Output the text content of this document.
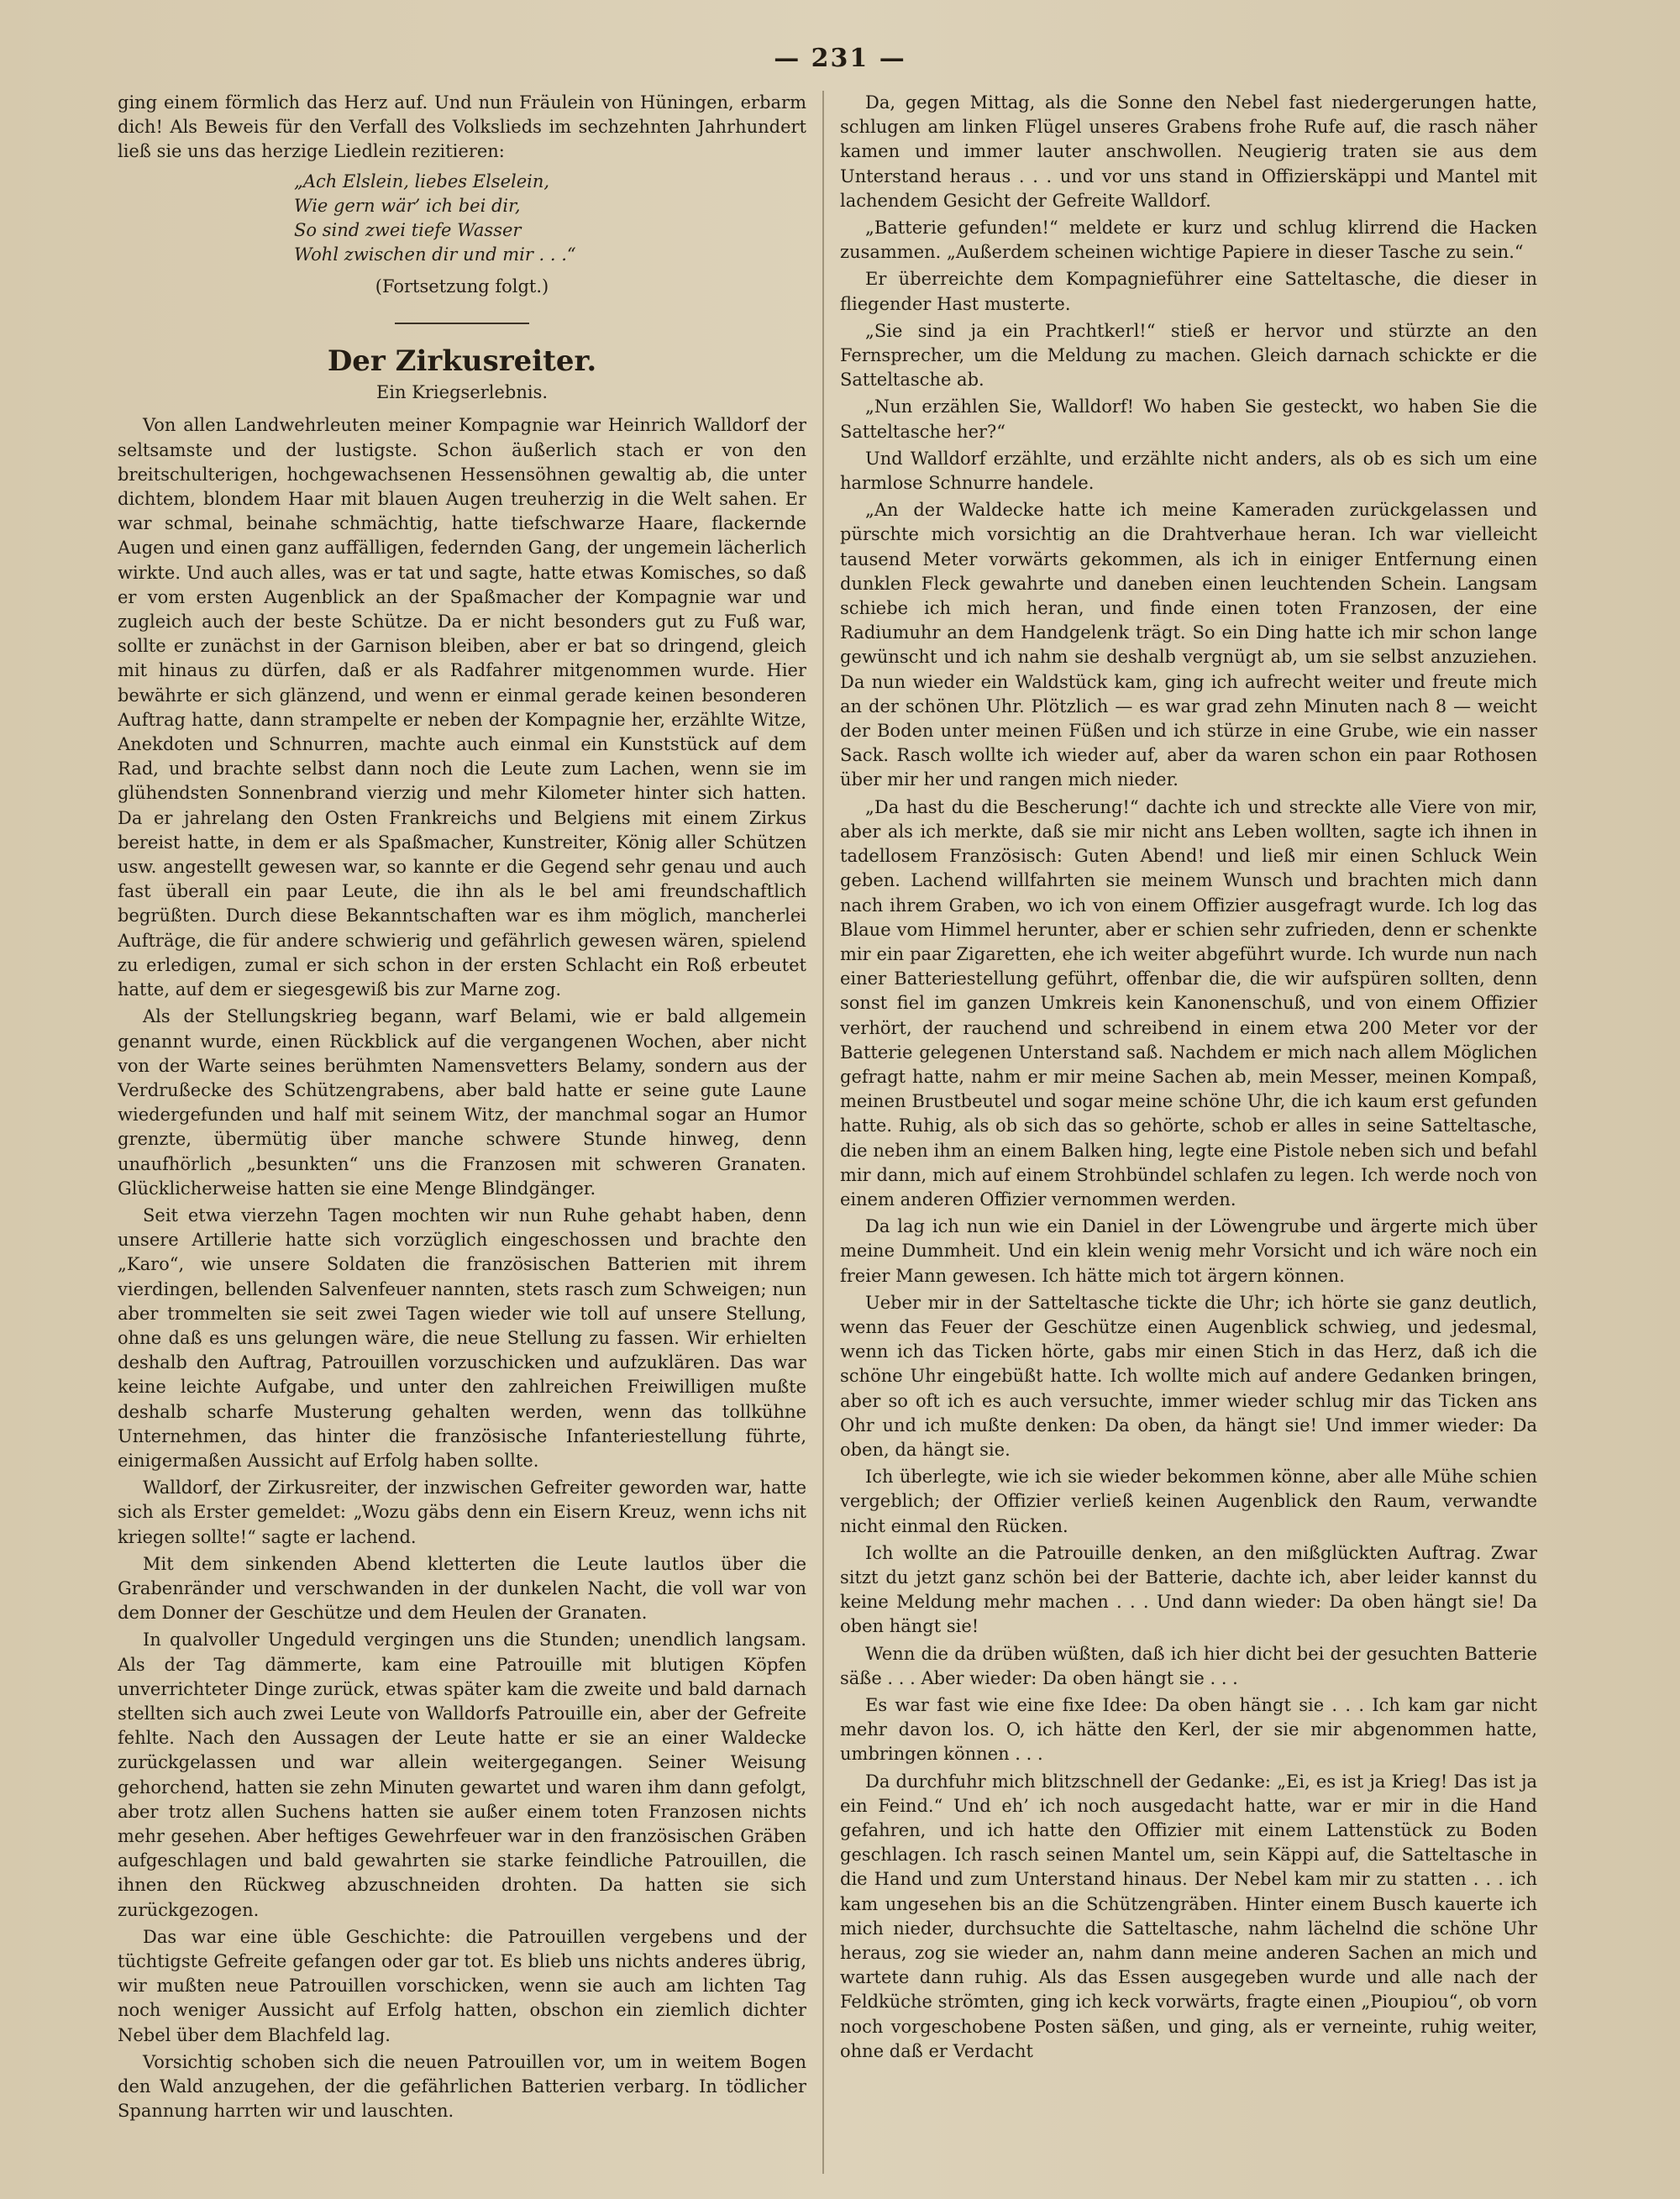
— 231 —

ging einem förmlich das Herz auf. Und nun Fräulein von Hüningen, erbarm dich! Als Beweis für den Verfall des Volkslieds im sechzehnten Jahrhundert ließ sie uns das herzige Liedlein rezitieren:

„Ach Elslein, liebes Elselein,
Wie gern wär’ ich bei dir,
So sind zwei tiefe Wasser
Wohl zwischen dir und mir . . .“
(Fortsetzung folgt.)
Der Zirkusreiter.
Ein Kriegserlebnis.

Von allen Landwehrleuten meiner Kompagnie war Heinrich Walldorf der seltsamste und der lustigste. Schon äußerlich stach er von den breitschulterigen, hochgewachsenen Hessensöhnen gewaltig ab, die unter dichtem, blondem Haar mit blauen Augen treuherzig in die Welt sahen. Er war schmal, beinahe schmächtig, hatte tiefschwarze Haare, flackernde Augen und einen ganz auffälligen, federnden Gang, der ungemein lächerlich wirkte. Und auch alles, was er tat und sagte, hatte etwas Komisches, so daß er vom ersten Augenblick an der Spaßmacher der Kompagnie war und zugleich auch der beste Schütze. Da er nicht besonders gut zu Fuß war, sollte er zunächst in der Garnison bleiben, aber er bat so dringend, gleich mit hinaus zu dürfen, daß er als Radfahrer mitgenommen wurde. Hier bewährte er sich glänzend, und wenn er einmal gerade keinen besonderen Auftrag hatte, dann strampelte er neben der Kompagnie her, erzählte Witze, Anekdoten und Schnurren, machte auch einmal ein Kunststück auf dem Rad, und brachte selbst dann noch die Leute zum Lachen, wenn sie im glühendsten Sonnenbrand vierzig und mehr Kilometer hinter sich hatten. Da er jahrelang den Osten Frankreichs und Belgiens mit einem Zirkus bereist hatte, in dem er als Spaßmacher, Kunstreiter, König aller Schützen usw. angestellt gewesen war, so kannte er die Gegend sehr genau und auch fast überall ein paar Leute, die ihn als le bel ami freundschaftlich begrüßten. Durch diese Bekanntschaften war es ihm möglich, mancherlei Aufträge, die für andere schwierig und gefährlich gewesen wären, spielend zu erledigen, zumal er sich schon in der ersten Schlacht ein Roß erbeutet hatte, auf dem er siegesgewiß bis zur Marne zog.

Als der Stellungskrieg begann, warf Belami, wie er bald allgemein genannt wurde, einen Rückblick auf die vergangenen Wochen, aber nicht von der Warte seines berühmten Namensvetters Belamy, sondern aus der Verdrußecke des Schützengrabens, aber bald hatte er seine gute Laune wiedergefunden und half mit seinem Witz, der manchmal sogar an Humor grenzte, übermütig über manche schwere Stunde hinweg, denn unaufhörlich „besunkten“ uns die Franzosen mit schweren Granaten. Glücklicherweise hatten sie eine Menge Blindgänger.

Seit etwa vierzehn Tagen mochten wir nun Ruhe gehabt haben, denn unsere Artillerie hatte sich vorzüglich eingeschossen und brachte den „Karo“, wie unsere Soldaten die französischen Batterien mit ihrem vierdingen, bellenden Salvenfeuer nannten, stets rasch zum Schweigen; nun aber trommelten sie seit zwei Tagen wieder wie toll auf unsere Stellung, ohne daß es uns gelungen wäre, die neue Stellung zu fassen. Wir erhielten deshalb den Auftrag, Patrouillen vorzuschicken und aufzuklären. Das war keine leichte Aufgabe, und unter den zahlreichen Freiwilligen mußte deshalb scharfe Musterung gehalten werden, wenn das tollkühne Unternehmen, das hinter die französische Infanteriestellung führte, einigermaßen Aussicht auf Erfolg haben sollte.

Walldorf, der Zirkusreiter, der inzwischen Gefreiter geworden war, hatte sich als Erster gemeldet: „Wozu gäbs denn ein Eisern Kreuz, wenn ichs nit kriegen sollte!“ sagte er lachend.

Mit dem sinkenden Abend kletterten die Leute lautlos über die Grabenränder und verschwanden in der dunkelen Nacht, die voll war von dem Donner der Geschütze und dem Heulen der Granaten.

In qualvoller Ungeduld vergingen uns die Stunden; unendlich langsam. Als der Tag dämmerte, kam eine Patrouille mit blutigen Köpfen unverrichteter Dinge zurück, etwas später kam die zweite und bald darnach stellten sich auch zwei Leute von Walldorfs Patrouille ein, aber der Gefreite fehlte. Nach den Aussagen der Leute hatte er sie an einer Waldecke zurückgelassen und war allein weitergegangen. Seiner Weisung gehorchend, hatten sie zehn Minuten gewartet und waren ihm dann gefolgt, aber trotz allen Suchens hatten sie außer einem toten Franzosen nichts mehr gesehen. Aber heftiges Gewehrfeuer war in den französischen Gräben aufgeschlagen und bald gewahrten sie starke feindliche Patrouillen, die ihnen den Rückweg abzuschneiden drohten. Da hatten sie sich zurückgezogen.

Das war eine üble Geschichte: die Patrouillen vergebens und der tüchtigste Gefreite gefangen oder gar tot. Es blieb uns nichts anderes übrig, wir mußten neue Patrouillen vorschicken, wenn sie auch am lichten Tag noch weniger Aussicht auf Erfolg hatten, obschon ein ziemlich dichter Nebel über dem Blachfeld lag.

Vorsichtig schoben sich die neuen Patrouillen vor, um in weitem Bogen den Wald anzugehen, der die gefährlichen Batterien verbarg. In tödlicher Spannung harrten wir und lauschten.

Da, gegen Mittag, als die Sonne den Nebel fast niedergerungen hatte, schlugen am linken Flügel unseres Grabens frohe Rufe auf, die rasch näher kamen und immer lauter anschwollen. Neugierig traten sie aus dem Unterstand heraus . . . und vor uns stand in Offizierskäppi und Mantel mit lachendem Gesicht der Gefreite Walldorf.

„Batterie gefunden!“ meldete er kurz und schlug klirrend die Hacken zusammen. „Außerdem scheinen wichtige Papiere in dieser Tasche zu sein.“

Er überreichte dem Kompagnieführer eine Satteltasche, die dieser in fliegender Hast musterte.

„Sie sind ja ein Prachtkerl!“ stieß er hervor und stürzte an den Fernsprecher, um die Meldung zu machen. Gleich darnach schickte er die Satteltasche ab.

„Nun erzählen Sie, Walldorf! Wo haben Sie gesteckt, wo haben Sie die Satteltasche her?“

Und Walldorf erzählte, und erzählte nicht anders, als ob es sich um eine harmlose Schnurre handele.

„An der Waldecke hatte ich meine Kameraden zurückgelassen und pürschte mich vorsichtig an die Drahtverhaue heran. Ich war vielleicht tausend Meter vorwärts gekommen, als ich in einiger Entfernung einen dunklen Fleck gewahrte und daneben einen leuchtenden Schein. Langsam schiebe ich mich heran, und finde einen toten Franzosen, der eine Radiumuhr an dem Handgelenk trägt. So ein Ding hatte ich mir schon lange gewünscht und ich nahm sie deshalb vergnügt ab, um sie selbst anzuziehen. Da nun wieder ein Waldstück kam, ging ich aufrecht weiter und freute mich an der schönen Uhr. Plötzlich — es war grad zehn Minuten nach 8 — weicht der Boden unter meinen Füßen und ich stürze in eine Grube, wie ein nasser Sack. Rasch wollte ich wieder auf, aber da waren schon ein paar Rothosen über mir her und rangen mich nieder.

„Da hast du die Bescherung!“ dachte ich und streckte alle Viere von mir, aber als ich merkte, daß sie mir nicht ans Leben wollten, sagte ich ihnen in tadellosem Französisch: Guten Abend! und ließ mir einen Schluck Wein geben. Lachend willfahrten sie meinem Wunsch und brachten mich dann nach ihrem Graben, wo ich von einem Offizier ausgefragt wurde. Ich log das Blaue vom Himmel herunter, aber er schien sehr zufrieden, denn er schenkte mir ein paar Zigaretten, ehe ich weiter abgeführt wurde. Ich wurde nun nach einer Batteriestellung geführt, offenbar die, die wir aufspüren sollten, denn sonst fiel im ganzen Umkreis kein Kanonenschuß, und von einem Offizier verhört, der rauchend und schreibend in einem etwa 200 Meter vor der Batterie gelegenen Unterstand saß. Nachdem er mich nach allem Möglichen gefragt hatte, nahm er mir meine Sachen ab, mein Messer, meinen Kompaß, meinen Brustbeutel und sogar meine schöne Uhr, die ich kaum erst gefunden hatte. Ruhig, als ob sich das so gehörte, schob er alles in seine Satteltasche, die neben ihm an einem Balken hing, legte eine Pistole neben sich und befahl mir dann, mich auf einem Strohbündel schlafen zu legen. Ich werde noch von einem anderen Offizier vernommen werden.

Da lag ich nun wie ein Daniel in der Löwengrube und ärgerte mich über meine Dummheit. Und ein klein wenig mehr Vorsicht und ich wäre noch ein freier Mann gewesen. Ich hätte mich tot ärgern können.

Ueber mir in der Satteltasche tickte die Uhr; ich hörte sie ganz deutlich, wenn das Feuer der Geschütze einen Augenblick schwieg, und jedesmal, wenn ich das Ticken hörte, gabs mir einen Stich in das Herz, daß ich die schöne Uhr eingebüßt hatte. Ich wollte mich auf andere Gedanken bringen, aber so oft ich es auch versuchte, immer wieder schlug mir das Ticken ans Ohr und ich mußte denken: Da oben, da hängt sie! Und immer wieder: Da oben, da hängt sie.

Ich überlegte, wie ich sie wieder bekommen könne, aber alle Mühe schien vergeblich; der Offizier verließ keinen Augenblick den Raum, verwandte nicht einmal den Rücken.

Ich wollte an die Patrouille denken, an den mißglückten Auftrag. Zwar sitzt du jetzt ganz schön bei der Batterie, dachte ich, aber leider kannst du keine Meldung mehr machen . . . Und dann wieder: Da oben hängt sie! Da oben hängt sie!

Wenn die da drüben wüßten, daß ich hier dicht bei der gesuchten Batterie säße . . . Aber wieder: Da oben hängt sie . . .

Es war fast wie eine fixe Idee: Da oben hängt sie . . . Ich kam gar nicht mehr davon los. O, ich hätte den Kerl, der sie mir abgenommen hatte, umbringen können . . .

Da durchfuhr mich blitzschnell der Gedanke: „Ei, es ist ja Krieg! Das ist ja ein Feind.“ Und eh’ ich noch ausgedacht hatte, war er mir in die Hand gefahren, und ich hatte den Offizier mit einem Lattenstück zu Boden geschlagen. Ich rasch seinen Mantel um, sein Käppi auf, die Satteltasche in die Hand und zum Unterstand hinaus. Der Nebel kam mir zu statten . . . ich kam ungesehen bis an die Schützengräben. Hinter einem Busch kauerte ich mich nieder, durchsuchte die Satteltasche, nahm lächelnd die schöne Uhr heraus, zog sie wieder an, nahm dann meine anderen Sachen an mich und wartete dann ruhig. Als das Essen ausgegeben wurde und alle nach der Feldküche strömten, ging ich keck vorwärts, fragte einen „Pioupiou“, ob vorn noch vorgeschobene Posten säßen, und ging, als er verneinte, ruhig weiter, ohne daß er Verdacht
